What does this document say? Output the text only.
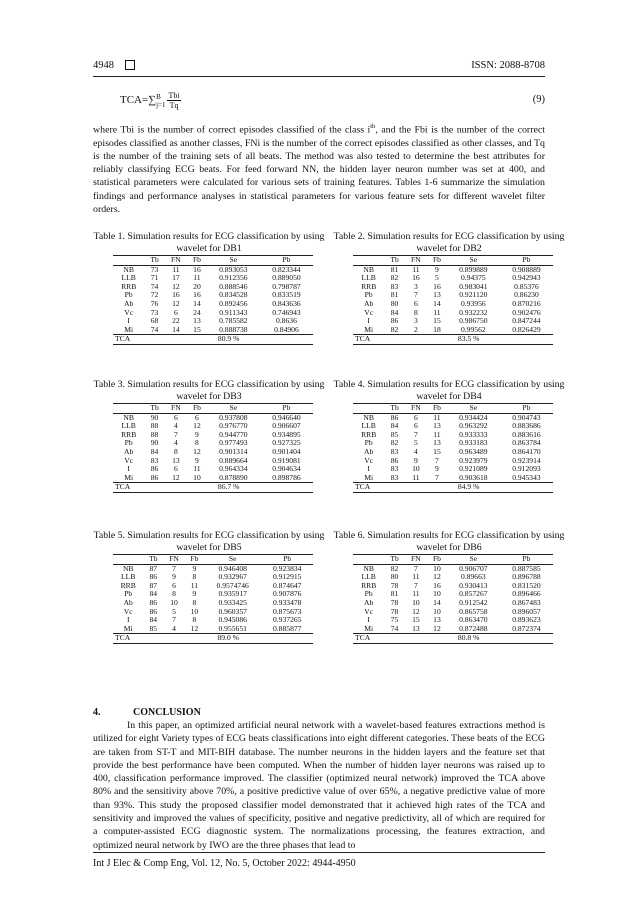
4948	ISSN: 2088-8708
TCA=∑ B
$j=1 \frac{\text{Tbi}}{Tq}$	(9)
where Tbi is the number of correct episodes classified of the class $i^{th}$, and the Fbi is the number of the correct episodes classified as another classes, FNi is the number of the correct episodes classified as other classes, and Tq is the number of the training sets of all beats. The method was also tested to determine the best attributes for reliably classifying ECG beats. For feed forward NN, the hidden layer neuron number was set at 400, and statistical parameters were calculated for various sets of training features. Tables 1-6 summarize the simulation findings and performance analyses in statistical parameters for various feature sets for different wavelet filter orders.
Table 1. Simulation results for ECG classification by using wavelet for DB1
	Tb	FN	Fb	Se	Pb
NB	73	11	16	0.893053	0.823344
LLB	71	17	11	0.912356	0.889050
RRB	74	12	20	0.888546	0.798787
Pb	72	16	16	0.834528	0.833519
Ab	76	12	14	0.892456	0.843636
Vc	73	6	24	0.911343	0.746943
I	68	22	13	0.785582	0.8636
Mi	74	14	15	0.888738	0.84906
TCA	80.9 %				
Table 2. Simulation results for ECG classification by using wavelet for DB2
	Tb	FN	Fb	Se	Pb
NB	81	11	9	0.899889	0.908889
LLB	82	16	5	0.94375	0.942943
RRB	83	3	16	0.983041	0.85376
Pb	81	7	13	0.921120	0.86230
Ab	80	6	14	0.93956	0.870216
Vc	84	8	11	0.932232	0.902476
I	86	3	15	0.986750	0.847244
Mi	82	2	18	0.99562	0.826429
TCA	83.5 %				
Table 3. Simulation results for ECG classification by using wavelet for DB3
	Tb	FN	Fb	Se	Pb
NB	90	6	6	0.937808	0.946640
LLB	88	4	12	0.976770	0.906607
RRB	88	7	9	0.944770	0.934895
Pb	90	4	8	0.977493	0.927325
Ab	84	8	12	0.901314	0.901404
Vc	83	13	9	0.889664	0.919081
I	86	6	11	0.964334	0.904634
Mi	86	12	10	0.878890	0.898786
TCA	86.7 %				
Table 4. Simulation results for ECG classification by using wavelet for DB4
	Tb	FN	Fb	Se	Pb
NB	86	6	11	0.934424	0.904743
LLB	84	6	13	0.963292	0.883686
RRB	85	7	11	0.933333	0.883616
Pb	82	5	13	0.933183	0.863784
Ab	83	4	15	0.963489	0.864170
Vc	86	9	7	0.923979	0.923914
I	83	10	9	0.921089	0.912093
Mi	83	11	7	0.903618	0.945343
TCA	84.9 %				
Table 5. Simulation results for ECG classification by using wavelet for DB5
	Tb	FN	Fb	Se	Pb
NB	87	7	9	0.946408	0.923834
LLB	86	9	8	0.932967	0.912915
RRB	87	6	11	0.9574746	0.874647
Pb	84	8	9	0.935917	0.907876
Ab	86	10	8	0.933425	0.933478
Vc	86	5	10	0.960357	0.875673
I	84	7	8	0.945086	0.937265
Mi	85	4	12	0.955651	0.885877
TCA	89.0 %				
Table 6. Simulation results for ECG classification by using wavelet for DB6
	Tb	FN	Fb	Se	Pb
NB	82	7	10	0.906707	0.887585
LLB	80	11	12	0.89663	0.896788
RRB	78	7	16	0.930413	0.831520
Pb	81	11	10	0.857267	0.896466
Ab	78	10	14	0.912542	0.867483
Vc	78	12	10	0.865758	0.896057
I	75	15	13	0.863470	0.893623
Mi	74	13	12	0.872488	0.872374
TCA	80.8 %				
4.	CONCLUSION
In this paper, an optimized artificial neural network with a wavelet-based features extractions method is utilized for eight Variety types of ECG beats classifications into eight different categories. These beats of the ECG are taken from ST-T and MIT-BIH database. The number neurons in the hidden layers and the feature set that provide the best performance have been computed. When the number of hidden layer neurons was raised up to 400, classification performance improved. The classifier (optimized neural network) improved the TCA above 80% and the sensitivity above 70%, a positive predictive value of over 65%, a negative predictive value of more than 93%. This study the proposed classifier model demonstrated that it achieved high rates of the TCA and sensitivity and improved the values of specificity, positive and negative predictivity, all of which are required for a computer-assisted ECG diagnostic system. The normalizations processing, the features extraction, and optimized neural network by IWO are the three phases that lead to
Int J Elec & Comp Eng, Vol. 12, No. 5, October 2022: 4944-4950
